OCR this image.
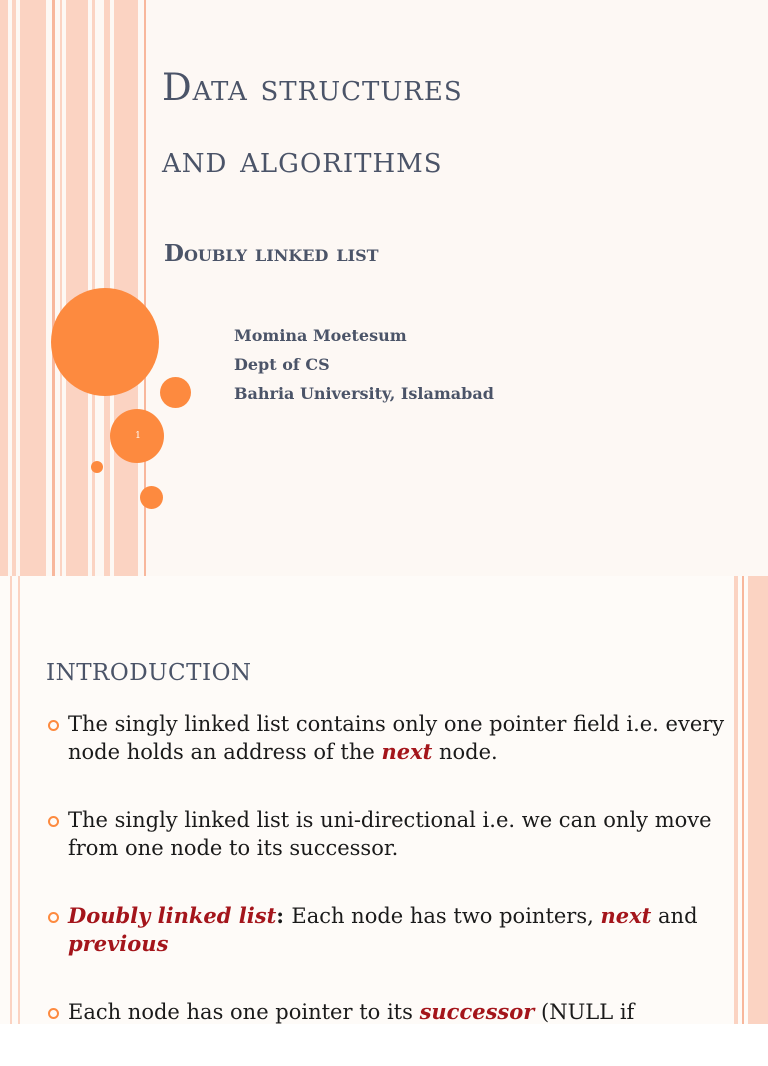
1
Data structures
and algorithms
Doubly linked list
Momina Moetesum
Dept of CS
Bahria University, Islamabad
INTRODUCTION
The singly linked list contains only one pointer field i.e. every node holds an address of the next node.
The singly linked list is uni-directional i.e. we can only move from one node to its successor.
Doubly linked list: Each node has two pointers, next and previous
Each node has one pointer to its successor (NULL if
